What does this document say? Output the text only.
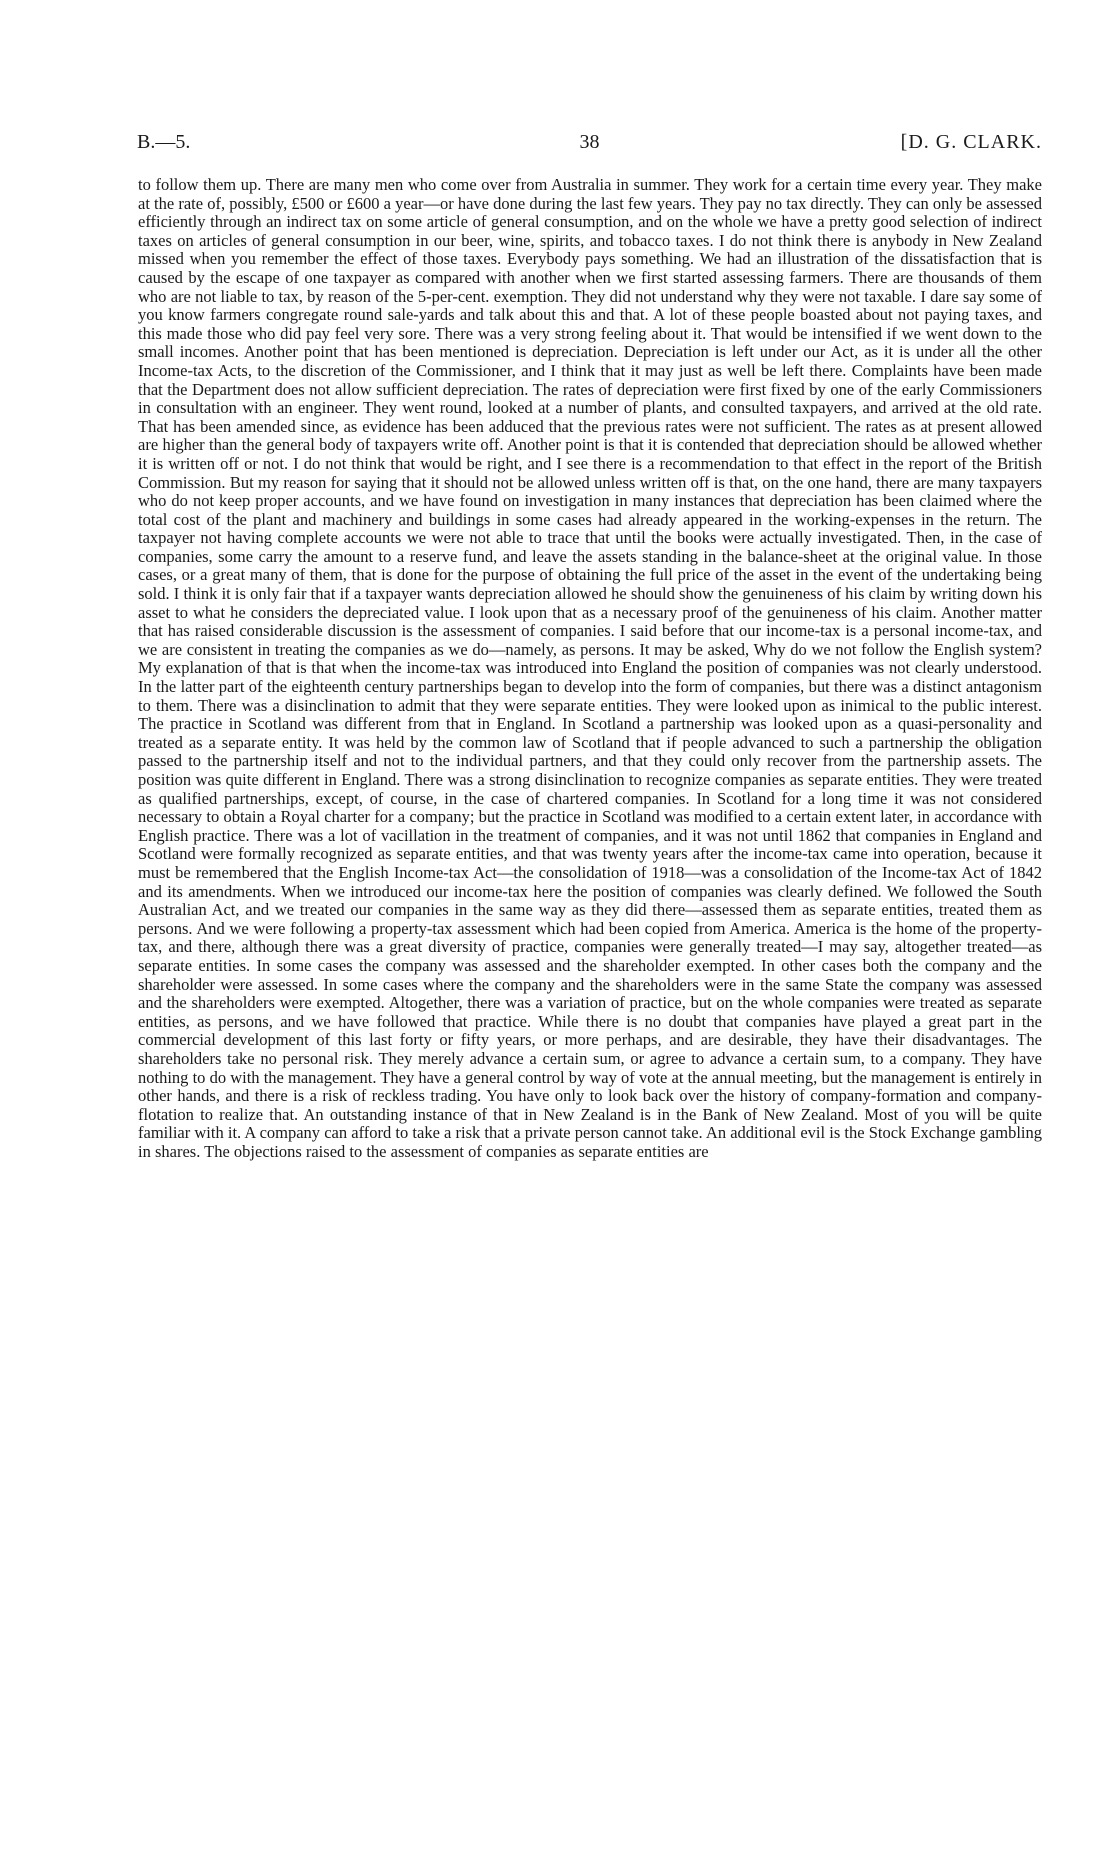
B.—5.	38	[D. G. CLARK.

to follow them up. There are many men who come over from Australia in summer. They work for a certain time every year. They make at the rate of, possibly, £500 or £600 a year—or have done during the last few years. They pay no tax directly. They can only be assessed efficiently through an indirect tax on some article of general consumption, and on the whole we have a pretty good selection of indirect taxes on articles of general consumption in our beer, wine, spirits, and tobacco taxes. I do not think there is anybody in New Zealand missed when you remember the effect of those taxes. Everybody pays something. We had an illustration of the dissatisfaction that is caused by the escape of one taxpayer as compared with another when we first started assessing farmers. There are thousands of them who are not liable to tax, by reason of the 5-per-cent. exemption. They did not understand why they were not taxable. I dare say some of you know farmers congregate round sale-yards and talk about this and that. A lot of these people boasted about not paying taxes, and this made those who did pay feel very sore. There was a very strong feeling about it. That would be intensified if we went down to the small incomes. Another point that has been mentioned is depreciation. Depreciation is left under our Act, as it is under all the other Income-tax Acts, to the discretion of the Commissioner, and I think that it may just as well be left there. Complaints have been made that the Department does not allow sufficient depreciation. The rates of depreciation were first fixed by one of the early Commissioners in consultation with an engineer. They went round, looked at a number of plants, and consulted taxpayers, and arrived at the old rate. That has been amended since, as evidence has been adduced that the previous rates were not sufficient. The rates as at present allowed are higher than the general body of taxpayers write off. Another point is that it is contended that depreciation should be allowed whether it is written off or not. I do not think that would be right, and I see there is a recommendation to that effect in the report of the British Commission. But my reason for saying that it should not be allowed unless written off is that, on the one hand, there are many taxpayers who do not keep proper accounts, and we have found on investigation in many instances that depreciation has been claimed where the total cost of the plant and machinery and buildings in some cases had already appeared in the working-expenses in the return. The taxpayer not having complete accounts we were not able to trace that until the books were actually investigated. Then, in the case of companies, some carry the amount to a reserve fund, and leave the assets standing in the balance-sheet at the original value. In those cases, or a great many of them, that is done for the purpose of obtaining the full price of the asset in the event of the undertaking being sold. I think it is only fair that if a taxpayer wants depreciation allowed he should show the genuineness of his claim by writing down his asset to what he considers the depreciated value. I look upon that as a necessary proof of the genuineness of his claim. Another matter that has raised considerable discussion is the assessment of companies. I said before that our income-tax is a personal income-tax, and we are consistent in treating the companies as we do—namely, as persons. It may be asked, Why do we not follow the English system? My explanation of that is that when the income-tax was introduced into England the position of companies was not clearly understood. In the latter part of the eighteenth century partnerships began to develop into the form of companies, but there was a distinct antagonism to them. There was a disinclination to admit that they were separate entities. They were looked upon as inimical to the public interest. The practice in Scotland was different from that in England. In Scotland a partnership was looked upon as a quasi-personality and treated as a separate entity. It was held by the common law of Scotland that if people advanced to such a partnership the obligation passed to the partnership itself and not to the individual partners, and that they could only recover from the partnership assets. The position was quite different in England. There was a strong disinclination to recognize companies as separate entities. They were treated as qualified partnerships, except, of course, in the case of chartered companies. In Scotland for a long time it was not considered necessary to obtain a Royal charter for a company; but the practice in Scotland was modified to a certain extent later, in accordance with English practice. There was a lot of vacillation in the treatment of companies, and it was not until 1862 that companies in England and Scotland were formally recognized as separate entities, and that was twenty years after the income-tax came into operation, because it must be remembered that the English Income-tax Act—the consolidation of 1918—was a consolidation of the Income-tax Act of 1842 and its amendments. When we introduced our income-tax here the position of companies was clearly defined. We followed the South Australian Act, and we treated our companies in the same way as they did there—assessed them as separate entities, treated them as persons. And we were following a property-tax assessment which had been copied from America. America is the home of the property-tax, and there, although there was a great diversity of practice, companies were generally treated—I may say, altogether treated—as separate entities. In some cases the company was assessed and the shareholder exempted. In other cases both the company and the shareholder were assessed. In some cases where the company and the shareholders were in the same State the company was assessed and the shareholders were exempted. Altogether, there was a variation of practice, but on the whole companies were treated as separate entities, as persons, and we have followed that practice. While there is no doubt that companies have played a great part in the commercial development of this last forty or fifty years, or more perhaps, and are desirable, they have their disadvantages. The shareholders take no personal risk. They merely advance a certain sum, or agree to advance a certain sum, to a company. They have nothing to do with the management. They have a general control by way of vote at the annual meeting, but the management is entirely in other hands, and there is a risk of reckless trading. You have only to look back over the history of company-formation and company-flotation to realize that. An outstanding instance of that in New Zealand is in the Bank of New Zealand. Most of you will be quite familiar with it. A company can afford to take a risk that a private person cannot take. An additional evil is the Stock Exchange gambling in shares. The objections raised to the assessment of companies as separate entities are
